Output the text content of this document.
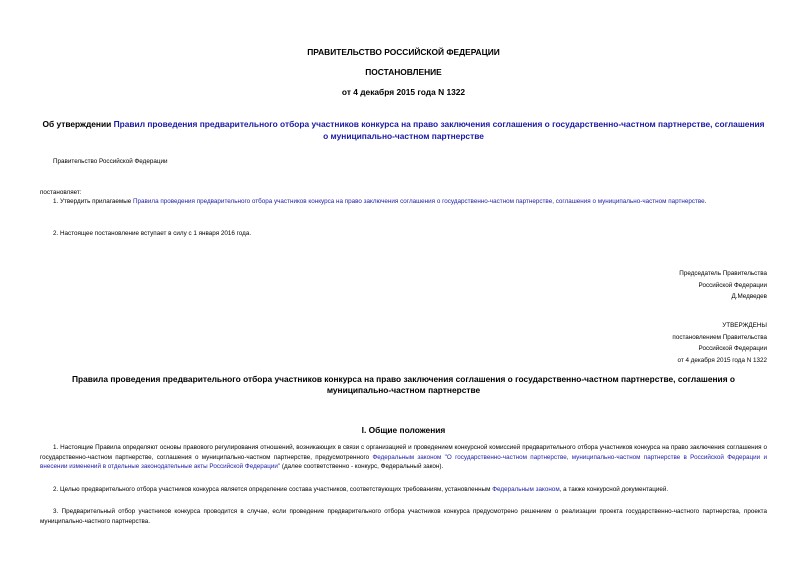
ПРАВИТЕЛЬСТВО РОССИЙСКОЙ ФЕДЕРАЦИИ
ПОСТАНОВЛЕНИЕ
от 4 декабря 2015 года N 1322
Об утверждении Правил проведения предварительного отбора участников конкурса на право заключения соглашения о государственно-частном партнерстве, соглашения о муниципально-частном партнерстве
Правительство Российской Федерации
постановляет:
1. Утвердить прилагаемые Правила проведения предварительного отбора участников конкурса на право заключения соглашения о государственно-частном партнерстве, соглашения о муниципально-частном партнерстве.
2. Настоящее постановление вступает в силу с 1 января 2016 года.
Председатель Правительства
Российской Федерации
Д.Медведев
УТВЕРЖДЕНЫ
постановлением Правительства
Российской Федерации
от 4 декабря 2015 года N 1322
Правила проведения предварительного отбора участников конкурса на право заключения соглашения о государственно-частном партнерстве, соглашения о муниципально-частном партнерстве
I. Общие положения
1. Настоящие Правила определяют основы правового регулирования отношений, возникающих в связи с организацией и проведением конкурсной комиссией предварительного отбора участников конкурса на право заключения соглашения о государственно-частном партнерстве, соглашения о муниципально-частном партнерстве, предусмотренного Федеральным законом "О государственно-частном партнерстве, муниципально-частном партнерстве в Российской Федерации и внесении изменений в отдельные законодательные акты Российской Федерации" (далее соответственно - конкурс, Федеральный закон).
2. Целью предварительного отбора участников конкурса является определение состава участников, соответствующих требованиям, установленным Федеральным законом, а также конкурсной документацией.
3. Предварительный отбор участников конкурса проводится в случае, если проведение предварительного отбора участников конкурса предусмотрено решением о реализации проекта государственно-частного партнерства, проекта муниципально-частного партнерства.
